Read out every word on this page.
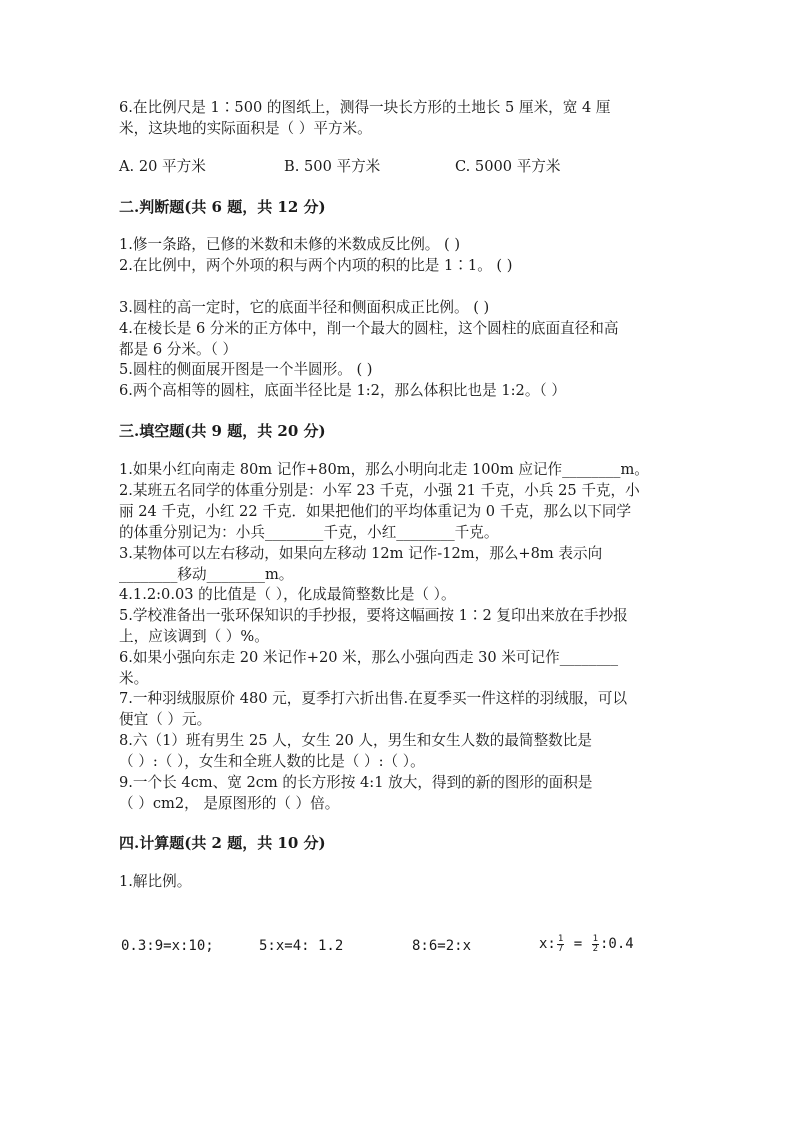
6.在比例尺是 1∶500 的图纸上，测得一块长方形的土地长 5 厘米，宽 4 厘
米，这块地的实际面积是（ ）平方米。
A. 20 平方米	B. 500 平方米	C. 5000 平方米
二.判断题(共 6 题，共 12 分)
1.修一条路，已修的米数和未修的米数成反比例。 ( )
2.在比例中，两个外项的积与两个内项的积的比是 1∶1。 ( )
3.圆柱的高一定时，它的底面半径和侧面积成正比例。 ( )
4.在棱长是 6 分米的正方体中，削一个最大的圆柱，这个圆柱的底面直径和高
都是 6 分米。（ ）
5.圆柱的侧面展开图是一个半圆形。 ( )
6.两个高相等的圆柱，底面半径比是 1:2，那么体积比也是 1:2。（ ）
三.填空题(共 9 题，共 20 分)
1.如果小红向南走 80m 记作+80m，那么小明向北走 100m 应记作________m。
2.某班五名同学的体重分别是：小军 23 千克，小强 21 千克，小兵 25 千克，小
丽 24 千克，小红 22 千克．如果把他们的平均体重记为 0 千克，那么以下同学
的体重分别记为：小兵________千克，小红________千克。
3.某物体可以左右移动，如果向左移动 12m 记作-12m，那么+8m 表示向
________移动________m。
4.1.2:0.03 的比值是（ ），化成最简整数比是（ ）。
5.学校准备出一张环保知识的手抄报，要将这幅画按 1∶2 复印出来放在手抄报
上，应该调到（ ）%。
6.如果小强向东走 20 米记作+20 米，那么小强向西走 30 米可记作________
米。
7.一种羽绒服原价 480 元，夏季打六折出售.在夏季买一件这样的羽绒服，可以
便宜（ ）元。
8.六（1）班有男生 25 人，女生 20 人，男生和女生人数的最简整数比是
（ ）:（ ），女生和全班人数的比是（ ）:（ ）。
9.一个长 4cm、宽 2cm 的长方形按 4:1 放大，得到的新的图形的面积是
（ ）cm2， 是原图形的（ ）倍。
四.计算题(共 2 题，共 10 分)
1.解比例。
0.3:9=x:10;	5:x=4: 1.2	8:6=2:x	x: $\frac{1}{7} = \frac{1}{2}$ :0.4
